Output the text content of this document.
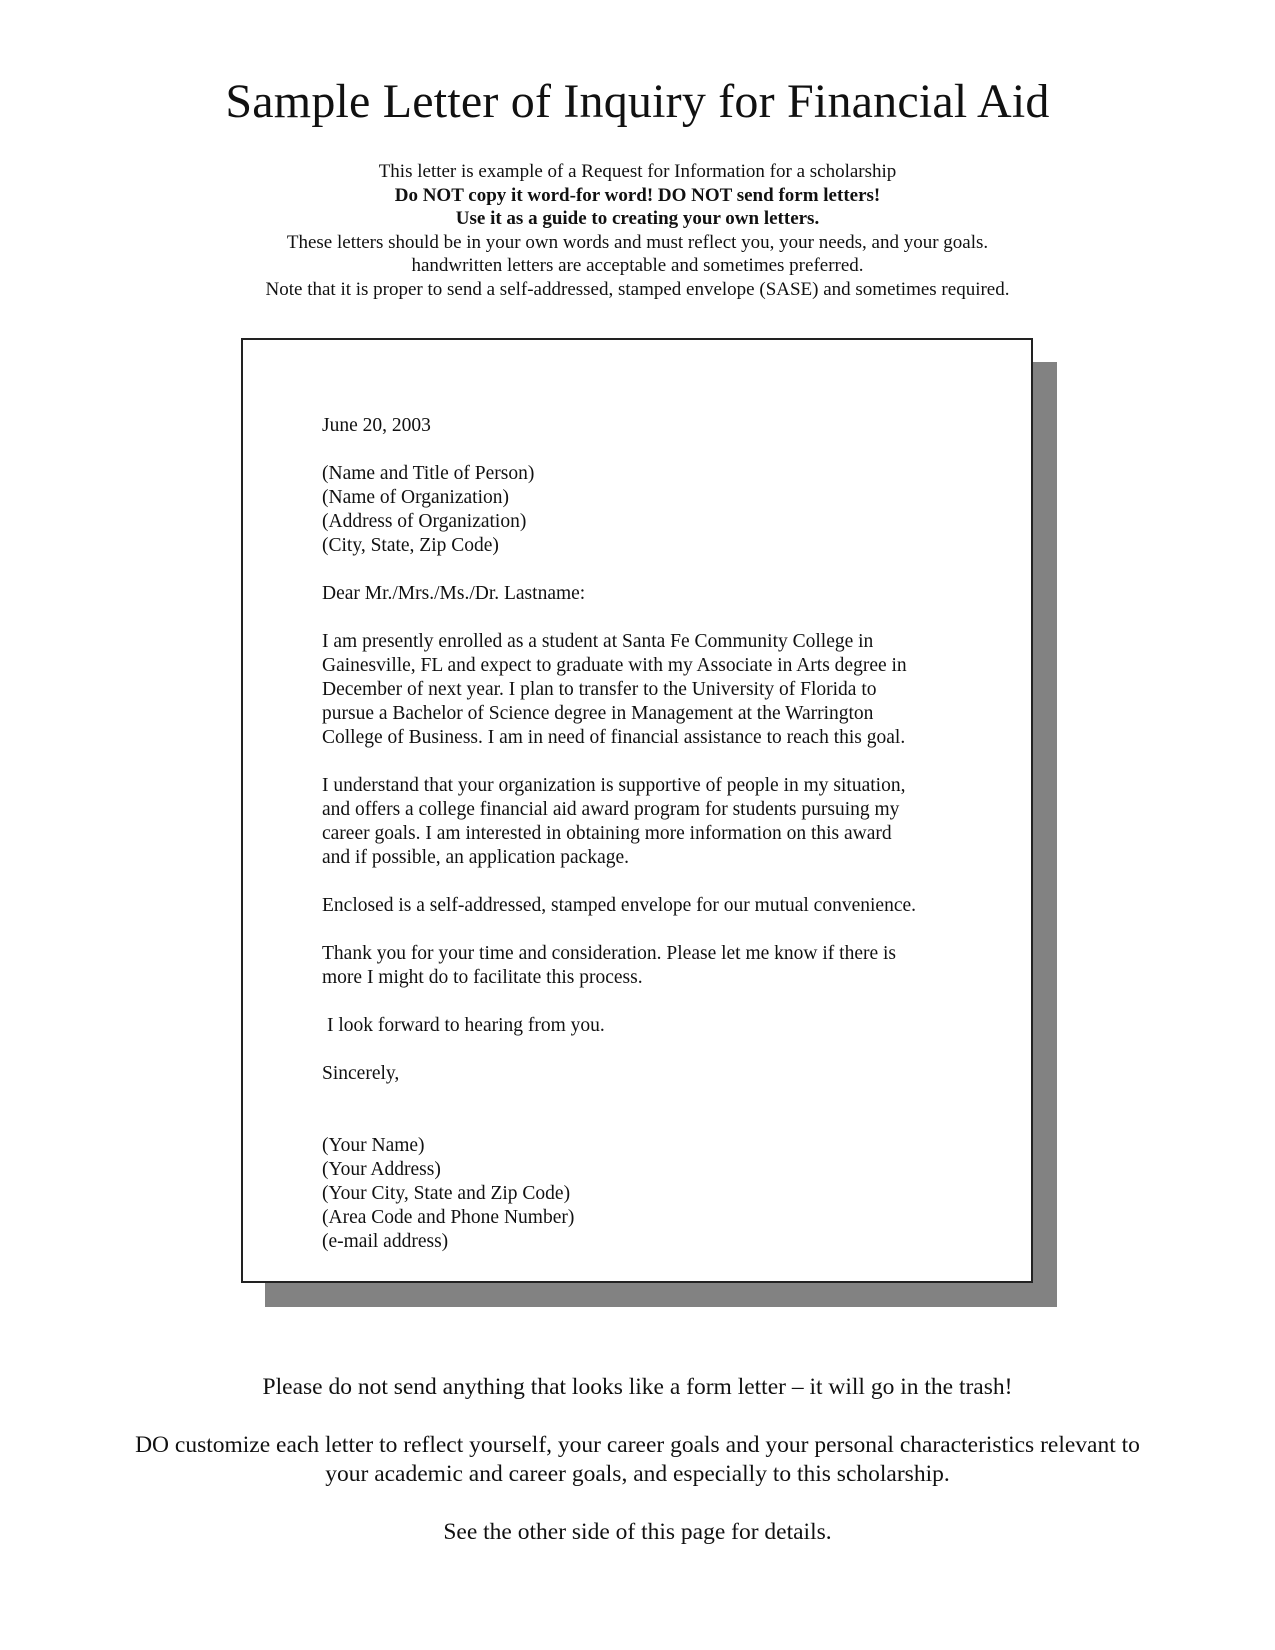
Sample Letter of Inquiry for Financial Aid
This letter is example of a Request for Information for a scholarship
Do NOT copy it word-for word! DO NOT send form letters!
Use it as a guide to creating your own letters.
These letters should be in your own words and must reflect you, your needs, and your goals.
handwritten letters are acceptable and sometimes preferred.
Note that it is proper to send a self-addressed, stamped envelope (SASE) and sometimes required.
June 20, 2003
(Name and Title of Person)
(Name of Organization)
(Address of Organization)
(City, State, Zip Code)
Dear Mr./Mrs./Ms./Dr. Lastname:
I am presently enrolled as a student at Santa Fe Community College in
Gainesville, FL and expect to graduate with my Associate in Arts degree in
December of next year. I plan to transfer to the University of Florida to
pursue a Bachelor of Science degree in Management at the Warrington
College of Business. I am in need of financial assistance to reach this goal.
I understand that your organization is supportive of people in my situation,
and offers a college financial aid award program for students pursuing my
career goals. I am interested in obtaining more information on this award
and if possible, an application package.
Enclosed is a self-addressed, stamped envelope for our mutual convenience.
Thank you for your time and consideration. Please let me know if there is
more I might do to facilitate this process.
I look forward to hearing from you.
Sincerely,
(Your Name)
(Your Address)
(Your City, State and Zip Code)
(Area Code and Phone Number)
(e-mail address)
Please do not send anything that looks like a form letter – it will go in the trash!
DO customize each letter to reflect yourself, your career goals and your personal characteristics relevant to
your academic and career goals, and especially to this scholarship.
See the other side of this page for details.
